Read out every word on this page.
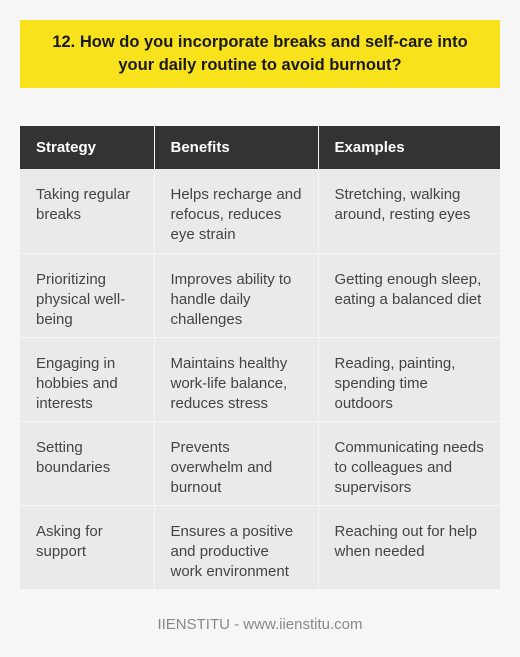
12. How do you incorporate breaks and self-care into your daily routine to avoid burnout?
Strategy	Benefits	Examples
Taking regular breaks	Helps recharge and refocus, reduces eye strain	Stretching, walking around, resting eyes
Prioritizing physical well-being	Improves ability to handle daily challenges	Getting enough sleep, eating a balanced diet
Engaging in hobbies and interests	Maintains healthy work-life balance, reduces stress	Reading, painting, spending time outdoors
Setting boundaries	Prevents overwhelm and burnout	Communicating needs to colleagues and supervisors
Asking for support	Ensures a positive and productive work environment	Reaching out for help when needed
IIENSTITU - www.iienstitu.com
